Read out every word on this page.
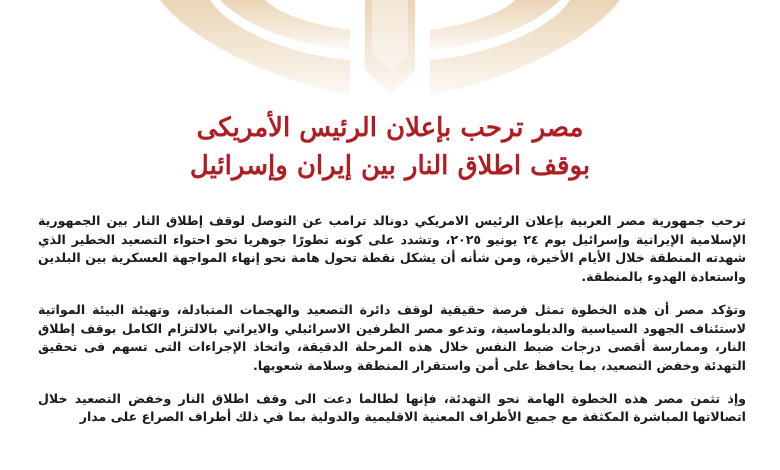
مصر ترحب بإعلان الرئيس الأمريكى
بوقف اطلاق النار بين إيران وإسرائيل

ترحب جمهورية مصر العربية بإعلان الرئيس الامريكي دونالد ترامب عن التوصل لوقف إطلاق النار بين الجمهورية الإسلامية الإيرانية وإسرائيل يوم ٢٤ يونيو ٢٠٢٥، وتشدد على كونه تطورًا جوهريا نحو احتواء التصعيد الخطير الذي شهدته المنطقة خلال الأيام الأخيرة، ومن شأنه أن يشكل نقطة تحول هامة نحو إنهاء المواجهة العسكرية بين البلدين واستعادة الهدوء بالمنطقة.

وتؤكد مصر أن هذه الخطوة تمثل فرصة حقيقية لوقف دائرة التصعيد والهجمات المتبادلة، وتهيئة البيئة المواتية لاستئناف الجهود السياسية والدبلوماسية، وتدعو مصر الطرفين الاسرائيلي والايراني بالالتزام الكامل بوقف إطلاق النار، وممارسة أقصى درجات ضبط النفس خلال هذه المرحلة الدقيقة، واتخاذ الإجراءات التى تسهم فى تحقيق التهدئة وخفض التصعيد، بما يحافظ على أمن واستقرار المنطقة وسلامة شعوبها.

وإذ تثمن مصر هذه الخطوة الهامة نحو التهدئة، فإنها لطالما دعت الى وقف اطلاق النار وخفض التصعيد خلال اتصالاتها المباشرة المكثفة مع جميع الأطراف المعنية الاقليمية والدولية بما في ذلك أطراف الصراع على مدار
